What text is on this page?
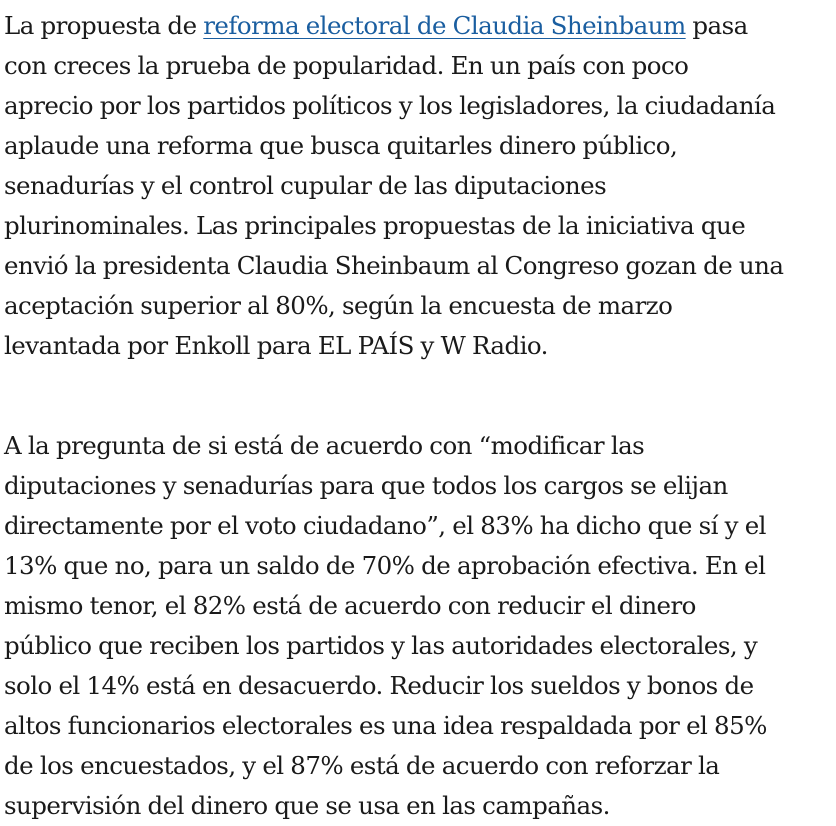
La propuesta de reforma electoral de Claudia Sheinbaum pasa
con creces la prueba de popularidad. En un país con poco
aprecio por los partidos políticos y los legisladores, la ciudadanía
aplaude una reforma que busca quitarles dinero público,
senadurías y el control cupular de las diputaciones
plurinominales. Las principales propuestas de la iniciativa que
envió la presidenta Claudia Sheinbaum al Congreso gozan de una
aceptación superior al 80%, según la encuesta de marzo
levantada por Enkoll para EL PAÍS y W Radio.

A la pregunta de si está de acuerdo con “modificar las
diputaciones y senadurías para que todos los cargos se elijan
directamente por el voto ciudadano”, el 83% ha dicho que sí y el
13% que no, para un saldo de 70% de aprobación efectiva. En el
mismo tenor, el 82% está de acuerdo con reducir el dinero
público que reciben los partidos y las autoridades electorales, y
solo el 14% está en desacuerdo. Reducir los sueldos y bonos de
altos funcionarios electorales es una idea respaldada por el 85%
de los encuestados, y el 87% está de acuerdo con reforzar la
supervisión del dinero que se usa en las campañas.
